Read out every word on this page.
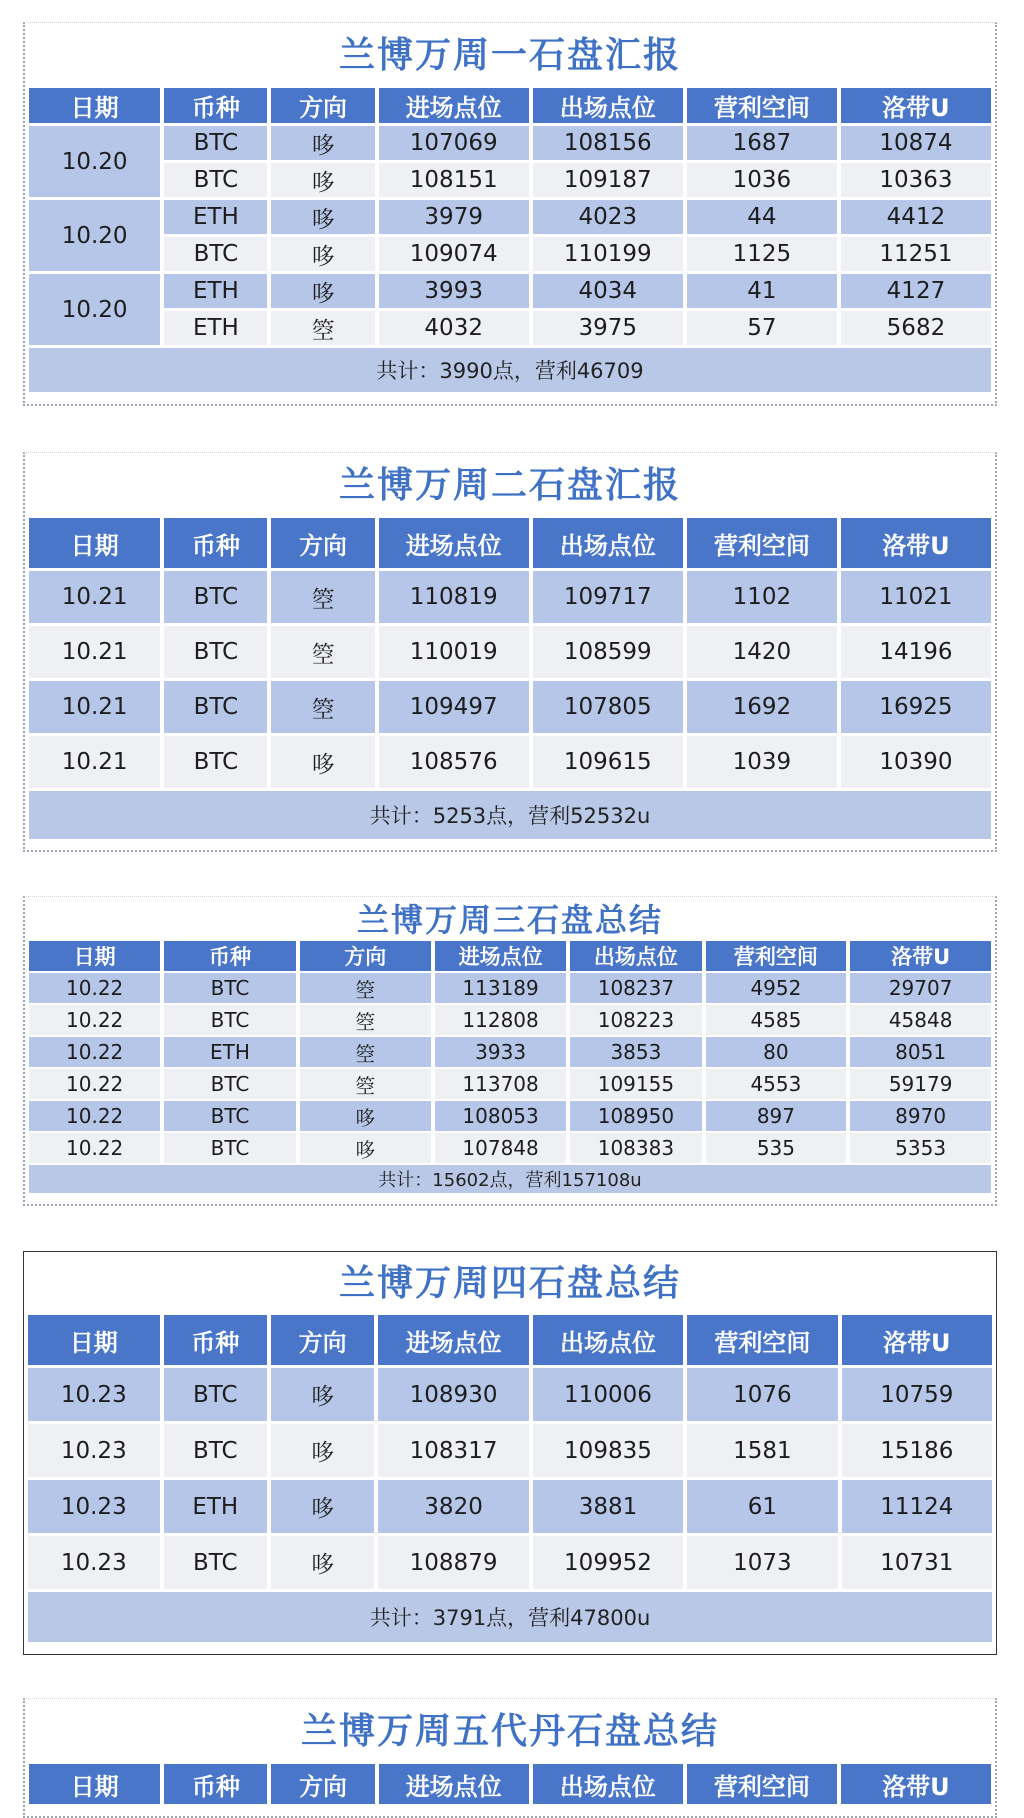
兰博万周一石盘汇报
日期	币种	方向	进场点位	出场点位	营利空间	洛带U
10.20	BTC	哆	107069	108156	1687	10874
	BTC	哆	108151	109187	1036	10363
10.20	ETH	哆	3979	4023	44	4412
	BTC	哆	109074	110199	1125	11251
10.20	ETH	哆	3993	4034	41	4127
	ETH	箜	4032	3975	57	5682
共计：3990点，营利46709						
兰博万周二石盘汇报
日期	币种	方向	进场点位	出场点位	营利空间	洛带U
10.21	BTC	箜	110819	109717	1102	11021
10.21	BTC	箜	110019	108599	1420	14196
10.21	BTC	箜	109497	107805	1692	16925
10.21	BTC	哆	108576	109615	1039	10390
共计：5253点，营利52532u						
兰博万周三石盘总结
日期	币种	方向	进场点位	出场点位	营利空间	洛带U
10.22	BTC	箜	113189	108237	4952	29707
10.22	BTC	箜	112808	108223	4585	45848
10.22	ETH	箜	3933	3853	80	8051
10.22	BTC	箜	113708	109155	4553	59179
10.22	BTC	哆	108053	108950	897	8970
10.22	BTC	哆	107848	108383	535	5353
共计：15602点，营利157108u						
兰博万周四石盘总结
日期	币种	方向	进场点位	出场点位	营利空间	洛带U
10.23	BTC	哆	108930	110006	1076	10759
10.23	BTC	哆	108317	109835	1581	15186
10.23	ETH	哆	3820	3881	61	11124
10.23	BTC	哆	108879	109952	1073	10731
共计：3791点，营利47800u						
兰博万周五代丹石盘总结
日期	币种	方向	进场点位	出场点位	营利空间	洛带U
